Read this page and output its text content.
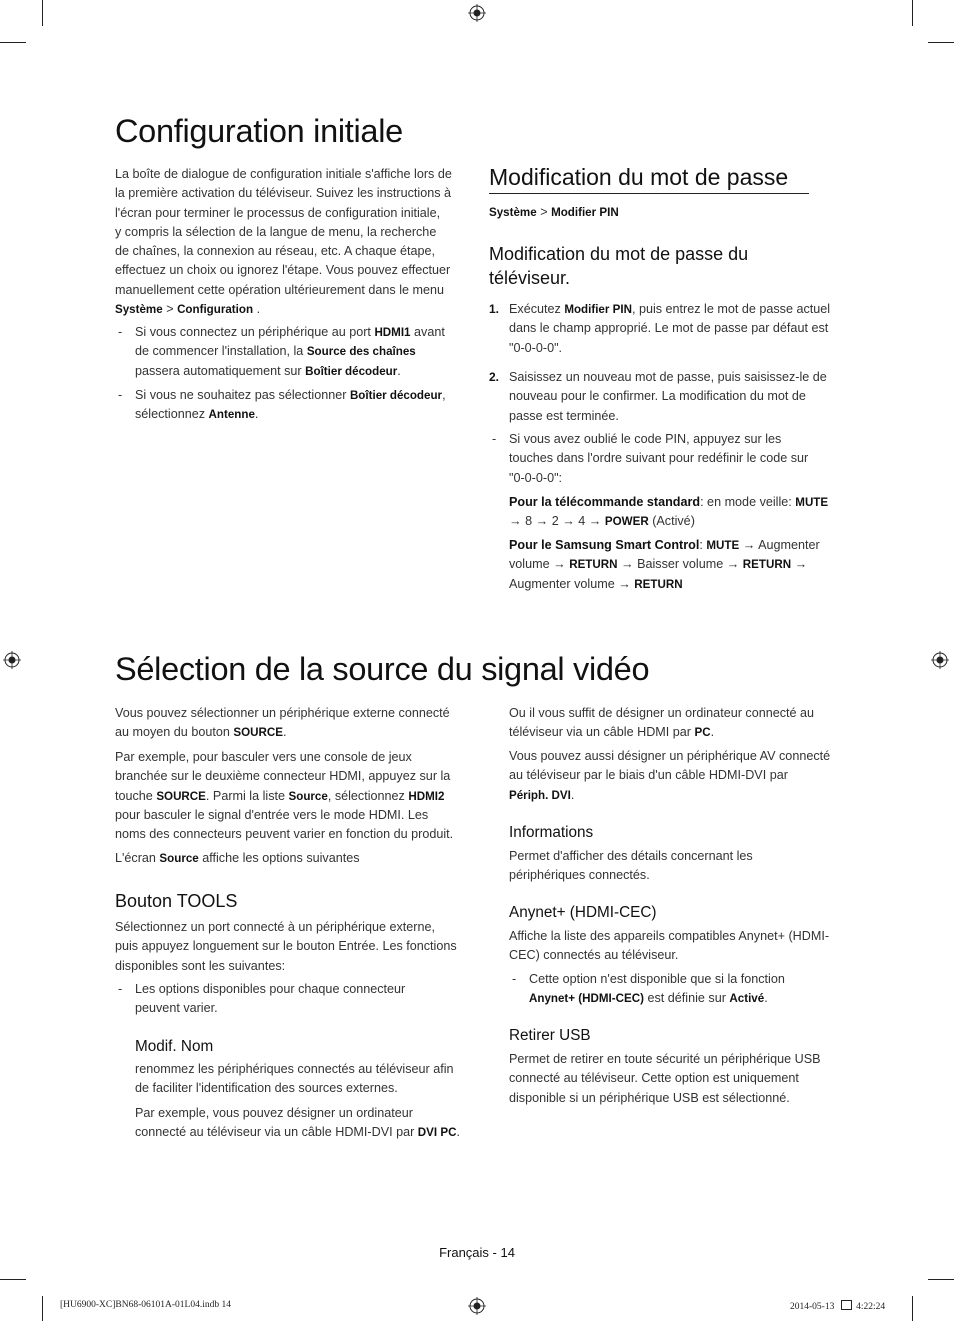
Configuration initiale

La boîte de dialogue de configuration initiale s'affiche lors de

la première activation du téléviseur. Suivez les instructions à

l'écran pour terminer le processus de configuration initiale,

y compris la sélection de la langue de menu, la recherche

de chaînes, la connexion au réseau, etc. A chaque étape,

effectuez un choix ou ignorez l'étape. Vous pouvez effectuer

manuellement cette opération ultérieurement dans le menu

Système > Configuration .

- Si vous connectez un périphérique au port HDMI1 avant

de commencer l'installation, la Source des chaînes

passera automatiquement sur Boîtier décodeur.

- Si vous ne souhaitez pas sélectionner Boîtier décodeur,

sélectionnez Antenne.

Modification du mot de passe
Système > Modifier PIN

Modification du mot de passe du

téléviseur.

1. Exécutez Modifier PIN, puis entrez le mot de passe actuel

dans le champ approprié. Le mot de passe par défaut est

"0-0-0-0".

2. Saisissez un nouveau mot de passe, puis saisissez-le de

nouveau pour le confirmer. La modification du mot de

passe est terminée.

- Si vous avez oublié le code PIN, appuyez sur les

touches dans l'ordre suivant pour redéfinir le code sur

"0-0-0-0":

Pour la télécommande standard: en mode veille: MUTE

→ 8 → 2 → 4 → POWER (Activé)

Pour le Samsung Smart Control: MUTE → Augmenter

volume → RETURN → Baisser volume → RETURN →

Augmenter volume → RETURN

Sélection de la source du signal vidéo

Vous pouvez sélectionner un périphérique externe connecté

au moyen du bouton SOURCE.

Par exemple, pour basculer vers une console de jeux

branchée sur le deuxième connecteur HDMI, appuyez sur la

touche SOURCE. Parmi la liste Source, sélectionnez HDMI2

pour basculer le signal d'entrée vers le mode HDMI. Les

noms des connecteurs peuvent varier en fonction du produit.

L'écran Source affiche les options suivantes

Bouton TOOLS

Sélectionnez un port connecté à un périphérique externe,

puis appuyez longuement sur le bouton Entrée. Les fonctions

disponibles sont les suivantes:

- Les options disponibles pour chaque connecteur

peuvent varier.

Modif. Nom

renommez les périphériques connectés au téléviseur afin

de faciliter l'identification des sources externes.

Par exemple, vous pouvez désigner un ordinateur

connecté au téléviseur via un câble HDMI-DVI par DVI PC.

Ou il vous suffit de désigner un ordinateur connecté au

téléviseur via un câble HDMI par PC.

Vous pouvez aussi désigner un périphérique AV connecté

au téléviseur par le biais d'un câble HDMI-DVI par

Périph. DVI.

Informations

Permet d'afficher des détails concernant les

périphériques connectés.

Anynet+ (HDMI-CEC)

Affiche la liste des appareils compatibles Anynet+ (HDMI-

CEC) connectés au téléviseur.

- Cette option n'est disponible que si la fonction

Anynet+ (HDMI-CEC) est définie sur Activé.

Retirer USB

Permet de retirer en toute sécurité un périphérique USB

connecté au téléviseur. Cette option est uniquement

disponible si un périphérique USB est sélectionné.

Français - 14
[HU6900-XC]BN68-06101A-01L04.indb 14	2014-05-13 4:22:24
